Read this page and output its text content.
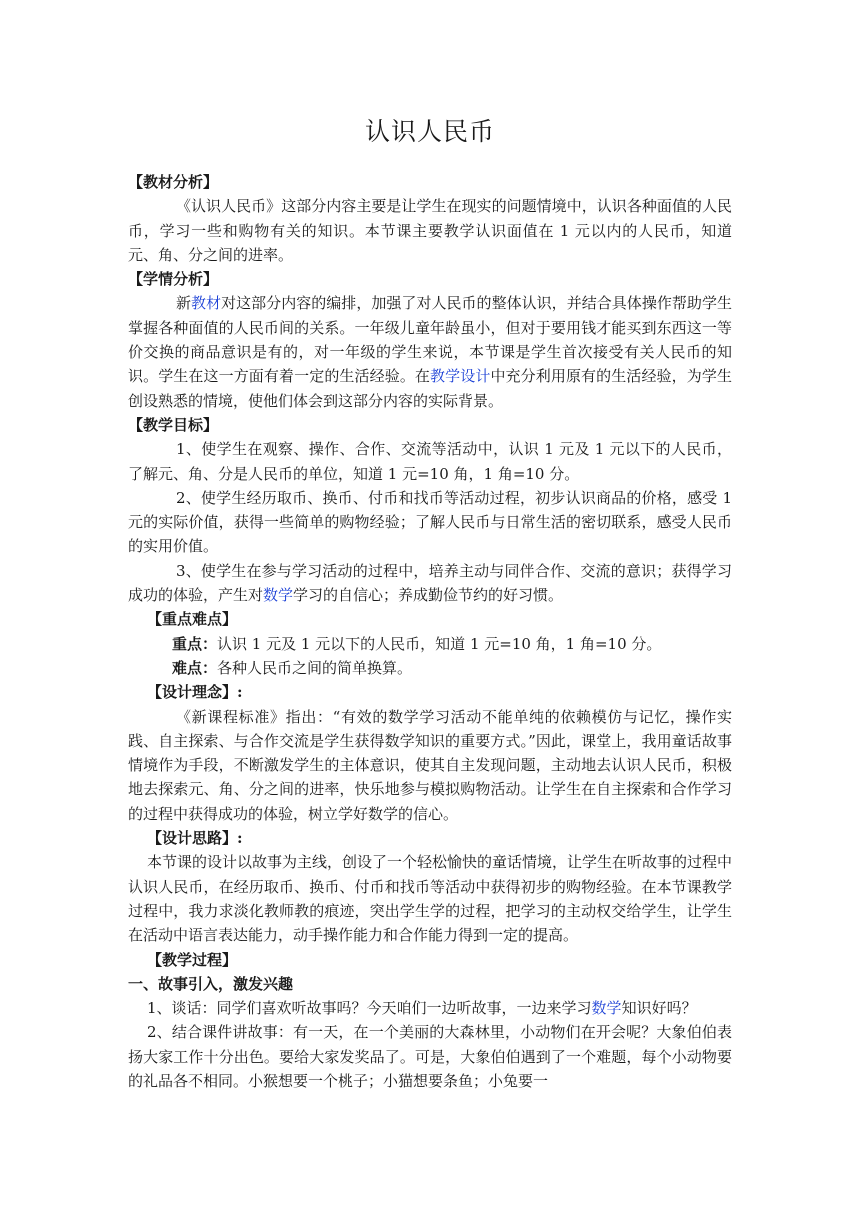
认识人民币

【教材分析】

《认识人民币》这部分内容主要是让学生在现实的问题情境中，认识各种面值的人民币，学习一些和购物有关的知识。本节课主要教学认识面值在 1 元以内的人民币，知道元、角、分之间的进率。

【学情分析】

新教材对这部分内容的编排，加强了对人民币的整体认识，并结合具体操作帮助学生掌握各种面值的人民币间的关系。一年级儿童年龄虽小，但对于要用钱才能买到东西这一等价交换的商品意识是有的，对一年级的学生来说，本节课是学生首次接受有关人民币的知识。学生在这一方面有着一定的生活经验。在教学设计中充分利用原有的生活经验，为学生创设熟悉的情境，使他们体会到这部分内容的实际背景。

【教学目标】

1、使学生在观察、操作、合作、交流等活动中，认识 1 元及 1 元以下的人民币，了解元、角、分是人民币的单位，知道 1 元=10 角，1 角=10 分。

2、使学生经历取币、换币、付币和找币等活动过程，初步认识商品的价格，感受 1 元的实际价值，获得一些简单的购物经验；了解人民币与日常生活的密切联系，感受人民币的实用价值。

3、使学生在参与学习活动的过程中，培养主动与同伴合作、交流的意识；获得学习成功的体验，产生对数学学习的自信心；养成勤俭节约的好习惯。

【重点难点】

重点：认识 1 元及 1 元以下的人民币，知道 1 元=10 角，1 角=10 分。

难点：各种人民币之间的简单换算。

【设计理念】:

《新课程标准》指出：“有效的数学学习活动不能单纯的依赖模仿与记忆，操作实践、自主探索、与合作交流是学生获得数学知识的重要方式。”因此，课堂上，我用童话故事情境作为手段，不断激发学生的主体意识，使其自主发现问题，主动地去认识人民币，积极地去探索元、角、分之间的进率，快乐地参与模拟购物活动。让学生在自主探索和合作学习的过程中获得成功的体验，树立学好数学的信心。

【设计思路】:

本节课的设计以故事为主线，创设了一个轻松愉快的童话情境，让学生在听故事的过程中认识人民币，在经历取币、换币、付币和找币等活动中获得初步的购物经验。在本节课教学过程中，我力求淡化教师教的痕迹，突出学生学的过程，把学习的主动权交给学生，让学生在活动中语言表达能力，动手操作能力和合作能力得到一定的提高。

【教学过程】

一、故事引入，激发兴趣

1、谈话：同学们喜欢听故事吗？今天咱们一边听故事，一边来学习数学知识好吗？

2、结合课件讲故事：有一天，在一个美丽的大森林里，小动物们在开会呢？大象伯伯表扬大家工作十分出色。要给大家发奖品了。可是，大象伯伯遇到了一个难题，每个小动物要的礼品各不相同。小猴想要一个桃子；小猫想要条鱼；小兔要一
